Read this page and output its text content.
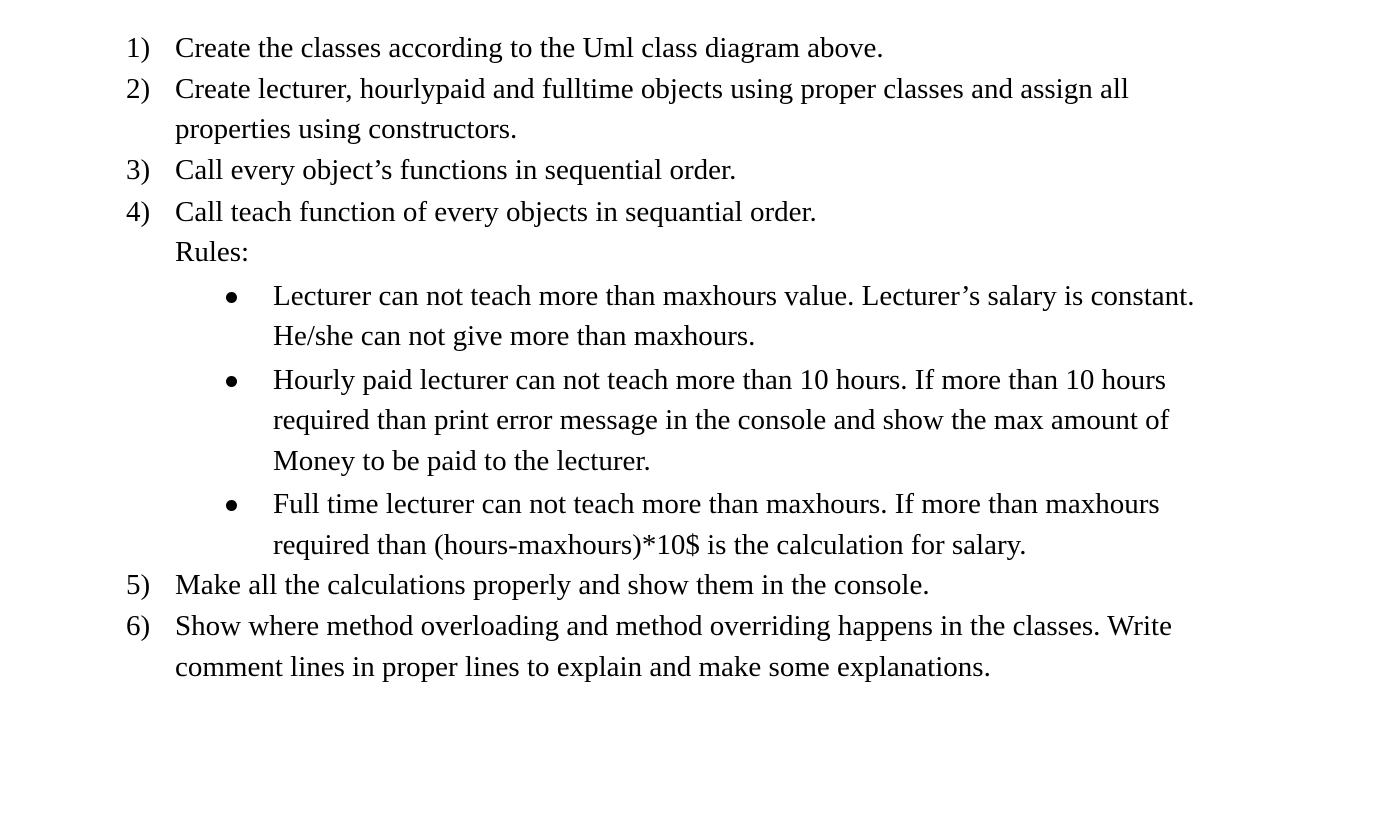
1) Create the classes according to the Uml class diagram above.
2) Create lecturer, hourlypaid and fulltime objects using proper classes and assign all
properties using constructors.
3) Call every object’s functions in sequential order.
4) Call teach function of every objects in sequantial order.
Rules:
Lecturer can not teach more than maxhours value. Lecturer’s salary is constant.
He/she can not give more than maxhours.
Hourly paid lecturer can not teach more than 10 hours. If more than 10 hours
required than print error message in the console and show the max amount of
Money to be paid to the lecturer.
Full time lecturer can not teach more than maxhours. If more than maxhours
required than (hours-maxhours)*10$ is the calculation for salary.
5) Make all the calculations properly and show them in the console.
6) Show where method overloading and method overriding happens in the classes. Write
comment lines in proper lines to explain and make some explanations.
